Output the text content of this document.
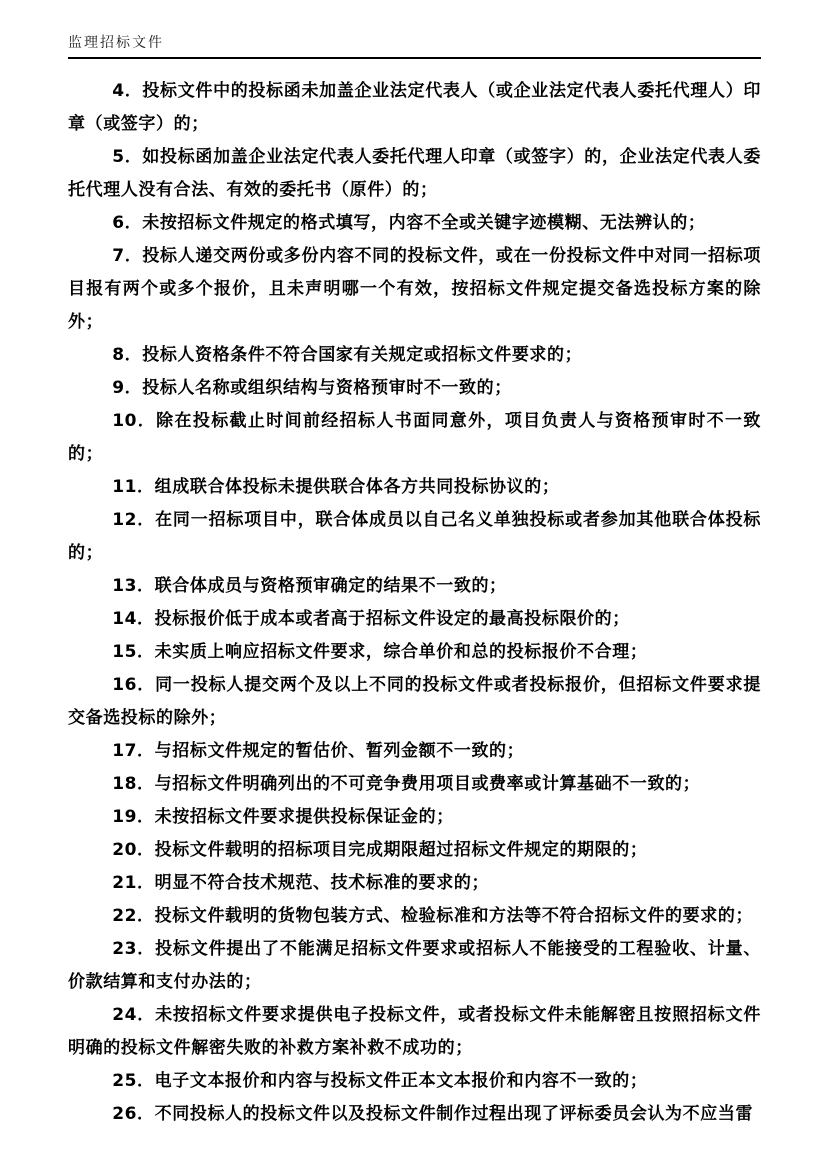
监理招标文件

4．投标文件中的投标函未加盖企业法定代表人（或企业法定代表人委托代理人）印章（或签字）的；

5．如投标函加盖企业法定代表人委托代理人印章（或签字）的，企业法定代表人委托代理人没有合法、有效的委托书（原件）的；

6．未按招标文件规定的格式填写，内容不全或关键字迹模糊、无法辨认的；

7．投标人递交两份或多份内容不同的投标文件，或在一份投标文件中对同一招标项目报有两个或多个报价，且未声明哪一个有效，按招标文件规定提交备选投标方案的除外；

8．投标人资格条件不符合国家有关规定或招标文件要求的；

9．投标人名称或组织结构与资格预审时不一致的；

10．除在投标截止时间前经招标人书面同意外，项目负责人与资格预审时不一致的；

11．组成联合体投标未提供联合体各方共同投标协议的；

12．在同一招标项目中，联合体成员以自己名义单独投标或者参加其他联合体投标的；

13．联合体成员与资格预审确定的结果不一致的；

14．投标报价低于成本或者高于招标文件设定的最高投标限价的；

15．未实质上响应招标文件要求，综合单价和总的投标报价不合理；

16．同一投标人提交两个及以上不同的投标文件或者投标报价，但招标文件要求提交备选投标的除外；

17．与招标文件规定的暂估价、暂列金额不一致的；

18．与招标文件明确列出的不可竞争费用项目或费率或计算基础不一致的；

19．未按招标文件要求提供投标保证金的；

20．投标文件载明的招标项目完成期限超过招标文件规定的期限的；

21．明显不符合技术规范、技术标准的要求的；

22．投标文件载明的货物包装方式、检验标准和方法等不符合招标文件的要求的；

23．投标文件提出了不能满足招标文件要求或招标人不能接受的工程验收、计量、价款结算和支付办法的；

24．未按招标文件要求提供电子投标文件，或者投标文件未能解密且按照招标文件明确的投标文件解密失败的补救方案补救不成功的；

25．电子文本报价和内容与投标文件正本文本报价和内容不一致的；

26．不同投标人的投标文件以及投标文件制作过程出现了评标委员会认为不应当雷
